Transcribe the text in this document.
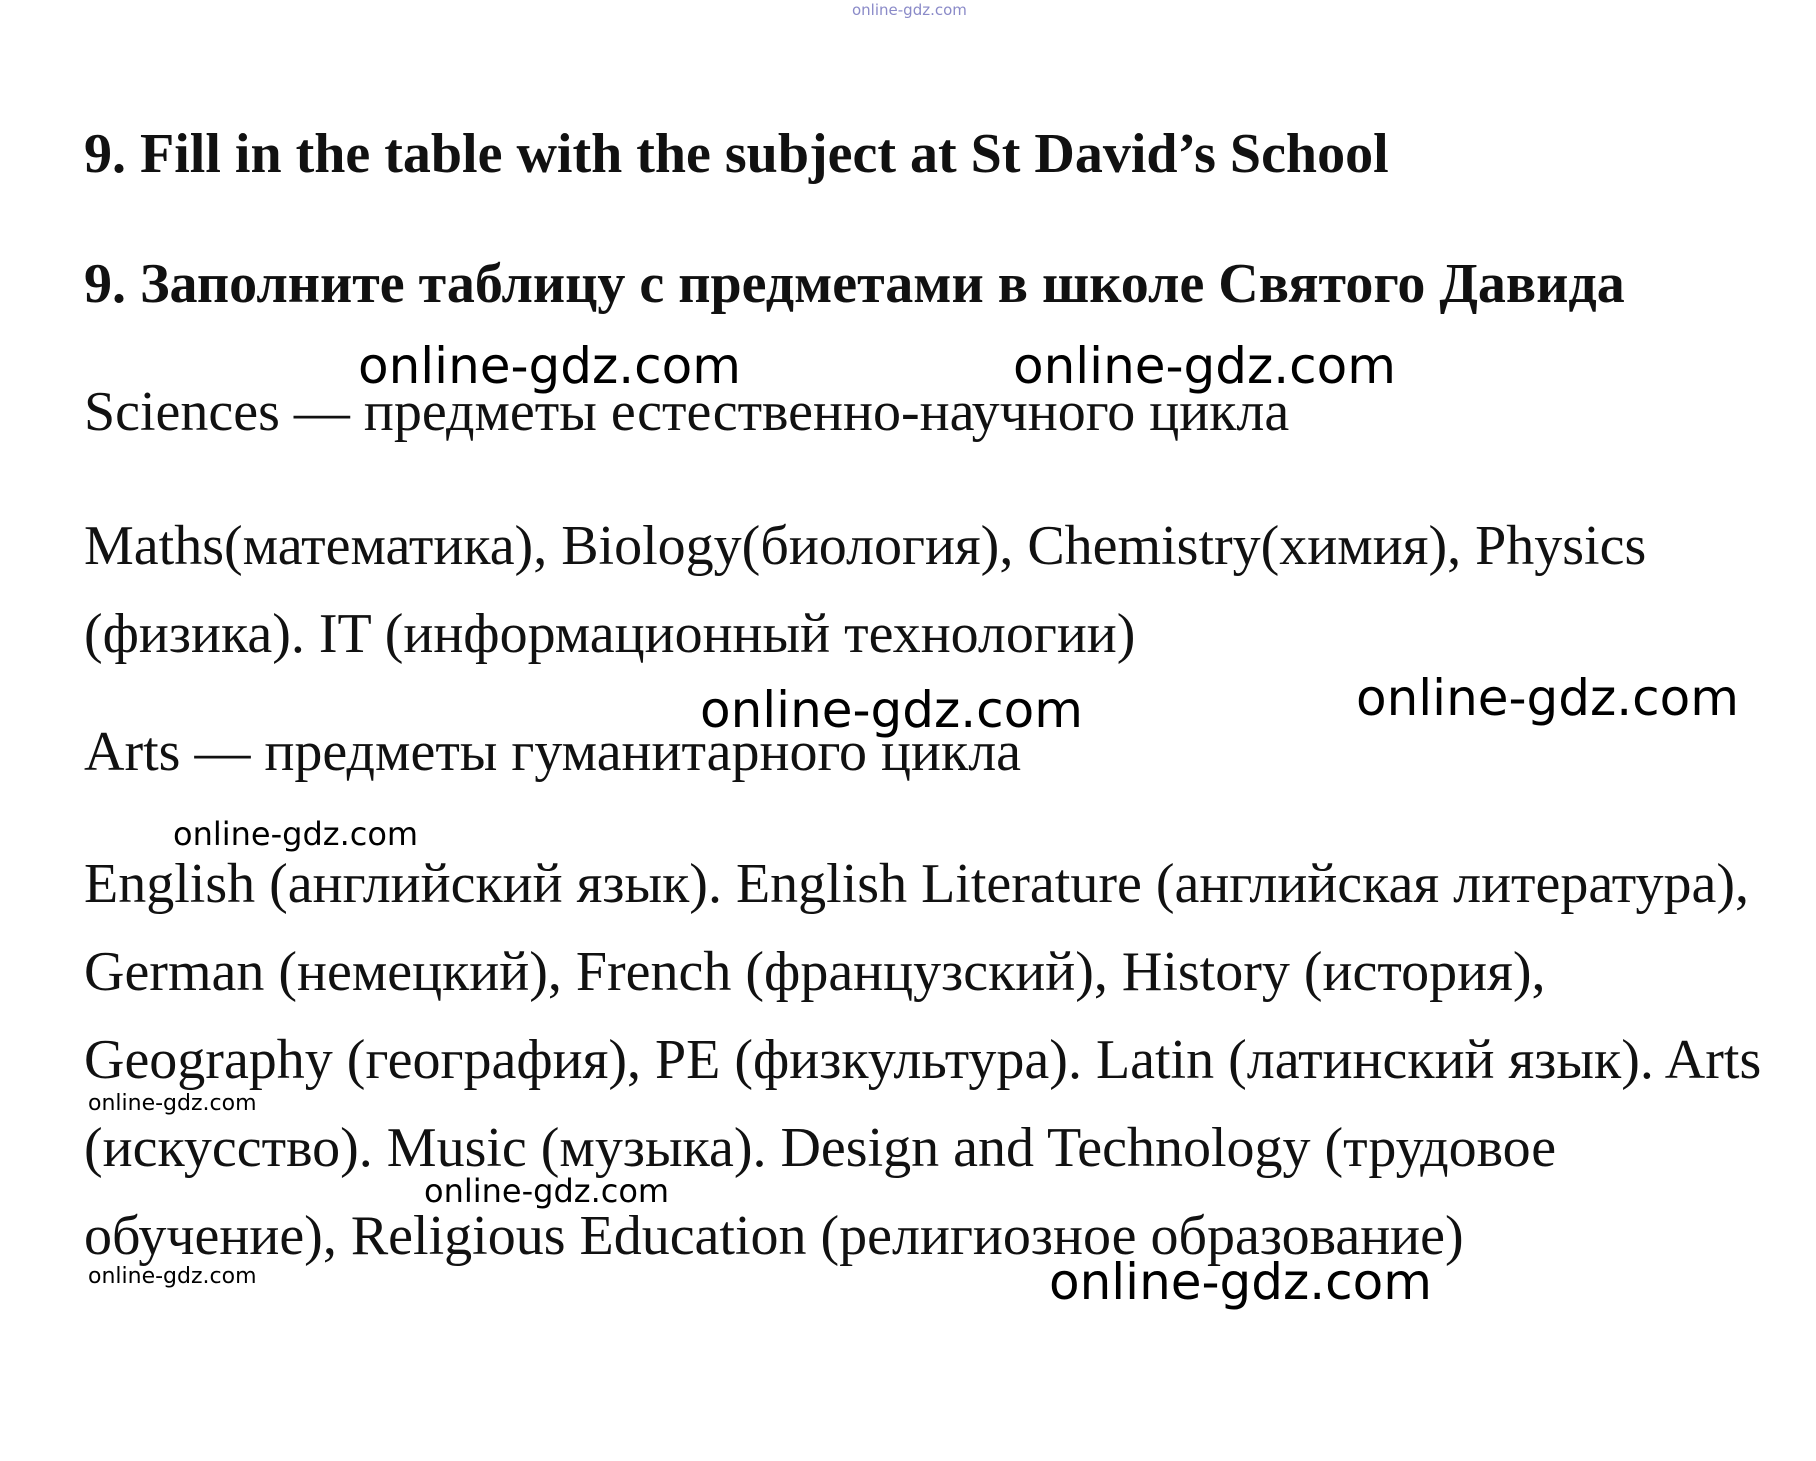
9. Fill in the table with the subject at St David’s School
9. Заполните таблицу с предметами в школе Святого Давида

Sciences — предметы естественно-научного цикла

Maths(математика), Biology(биология), Chemistry(химия), Physics (физика). IT (информационный технологии)

Arts — предметы гуманитарного цикла

English (английский язык). English Literature (английская литература), German (немецкий), French (французский), History (история), Geography (география), PE (физкультура). Latin (латинский язык). Arts (искусство). Music (музыка). Design and Technology (трудовое обучение), Religious Education (религиозное образование)

online-gdz.com
online-gdz.com	online-gdz.com
online-gdz.com	online-gdz.com
online-gdz.com
online-gdz.com
online-gdz.com
online-gdz.com	online-gdz.com
